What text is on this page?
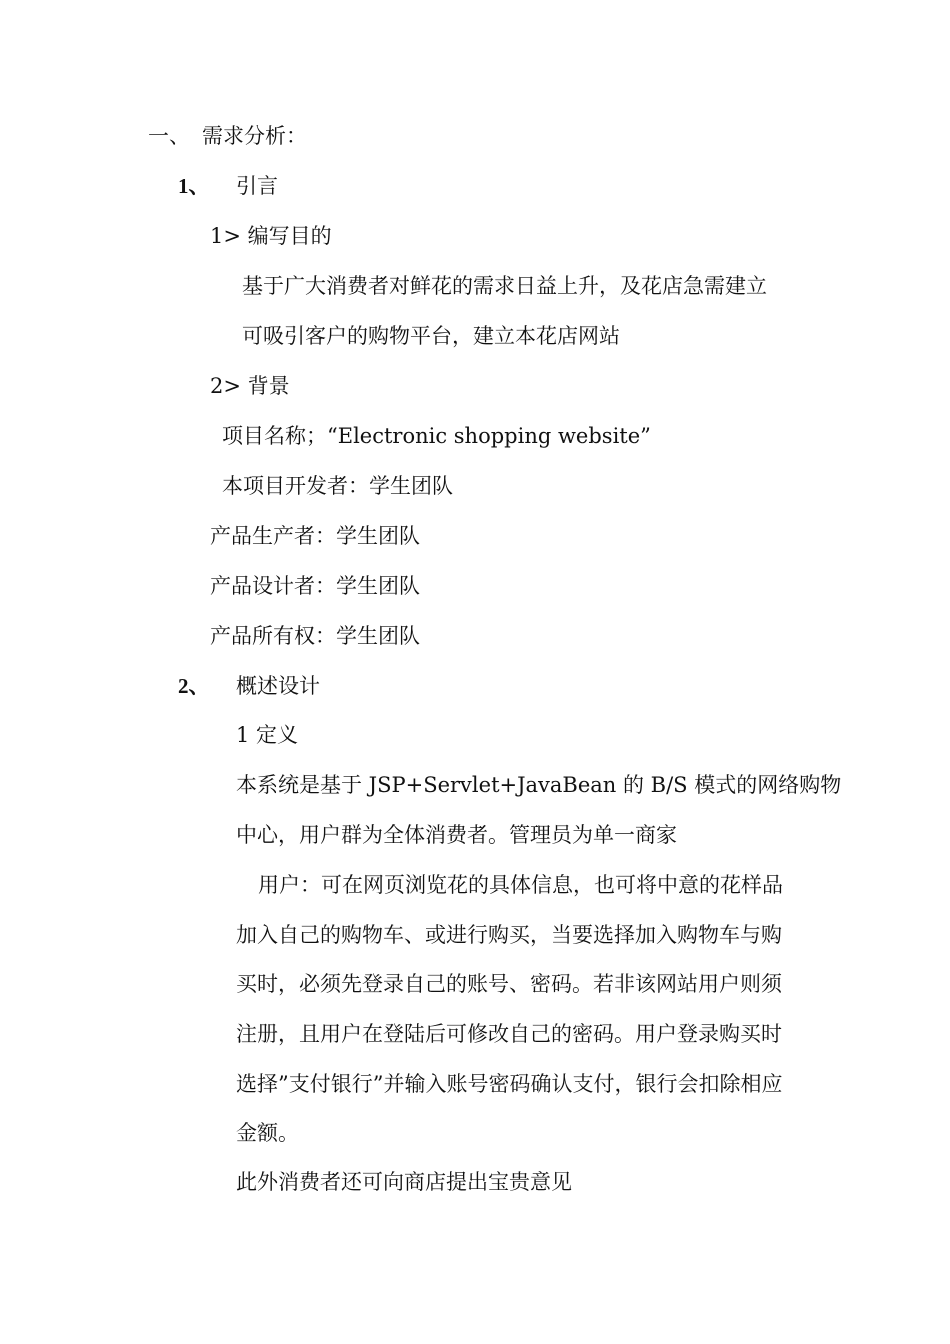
一、 需求分析：
1、 引言
1> 编写目的
基于广大消费者对鲜花的需求日益上升，及花店急需建立
可吸引客户的购物平台，建立本花店网站
2> 背景
项目名称；“Electronic shopping website”
本项目开发者：学生团队
产品生产者：学生团队
产品设计者：学生团队
产品所有权：学生团队
2、 概述设计
1 定义
本系统是基于 JSP+Servlet+JavaBean 的 B/S 模式的网络购物
中心，用户群为全体消费者。管理员为单一商家
用户：可在网页浏览花的具体信息，也可将中意的花样品
加入自己的购物车、或进行购买，当要选择加入购物车与购
买时，必须先登录自己的账号、密码。若非该网站用户则须
注册，且用户在登陆后可修改自己的密码。用户登录购买时
选择”支付银行”并输入账号密码确认支付，银行会扣除相应
金额。
此外消费者还可向商店提出宝贵意见
